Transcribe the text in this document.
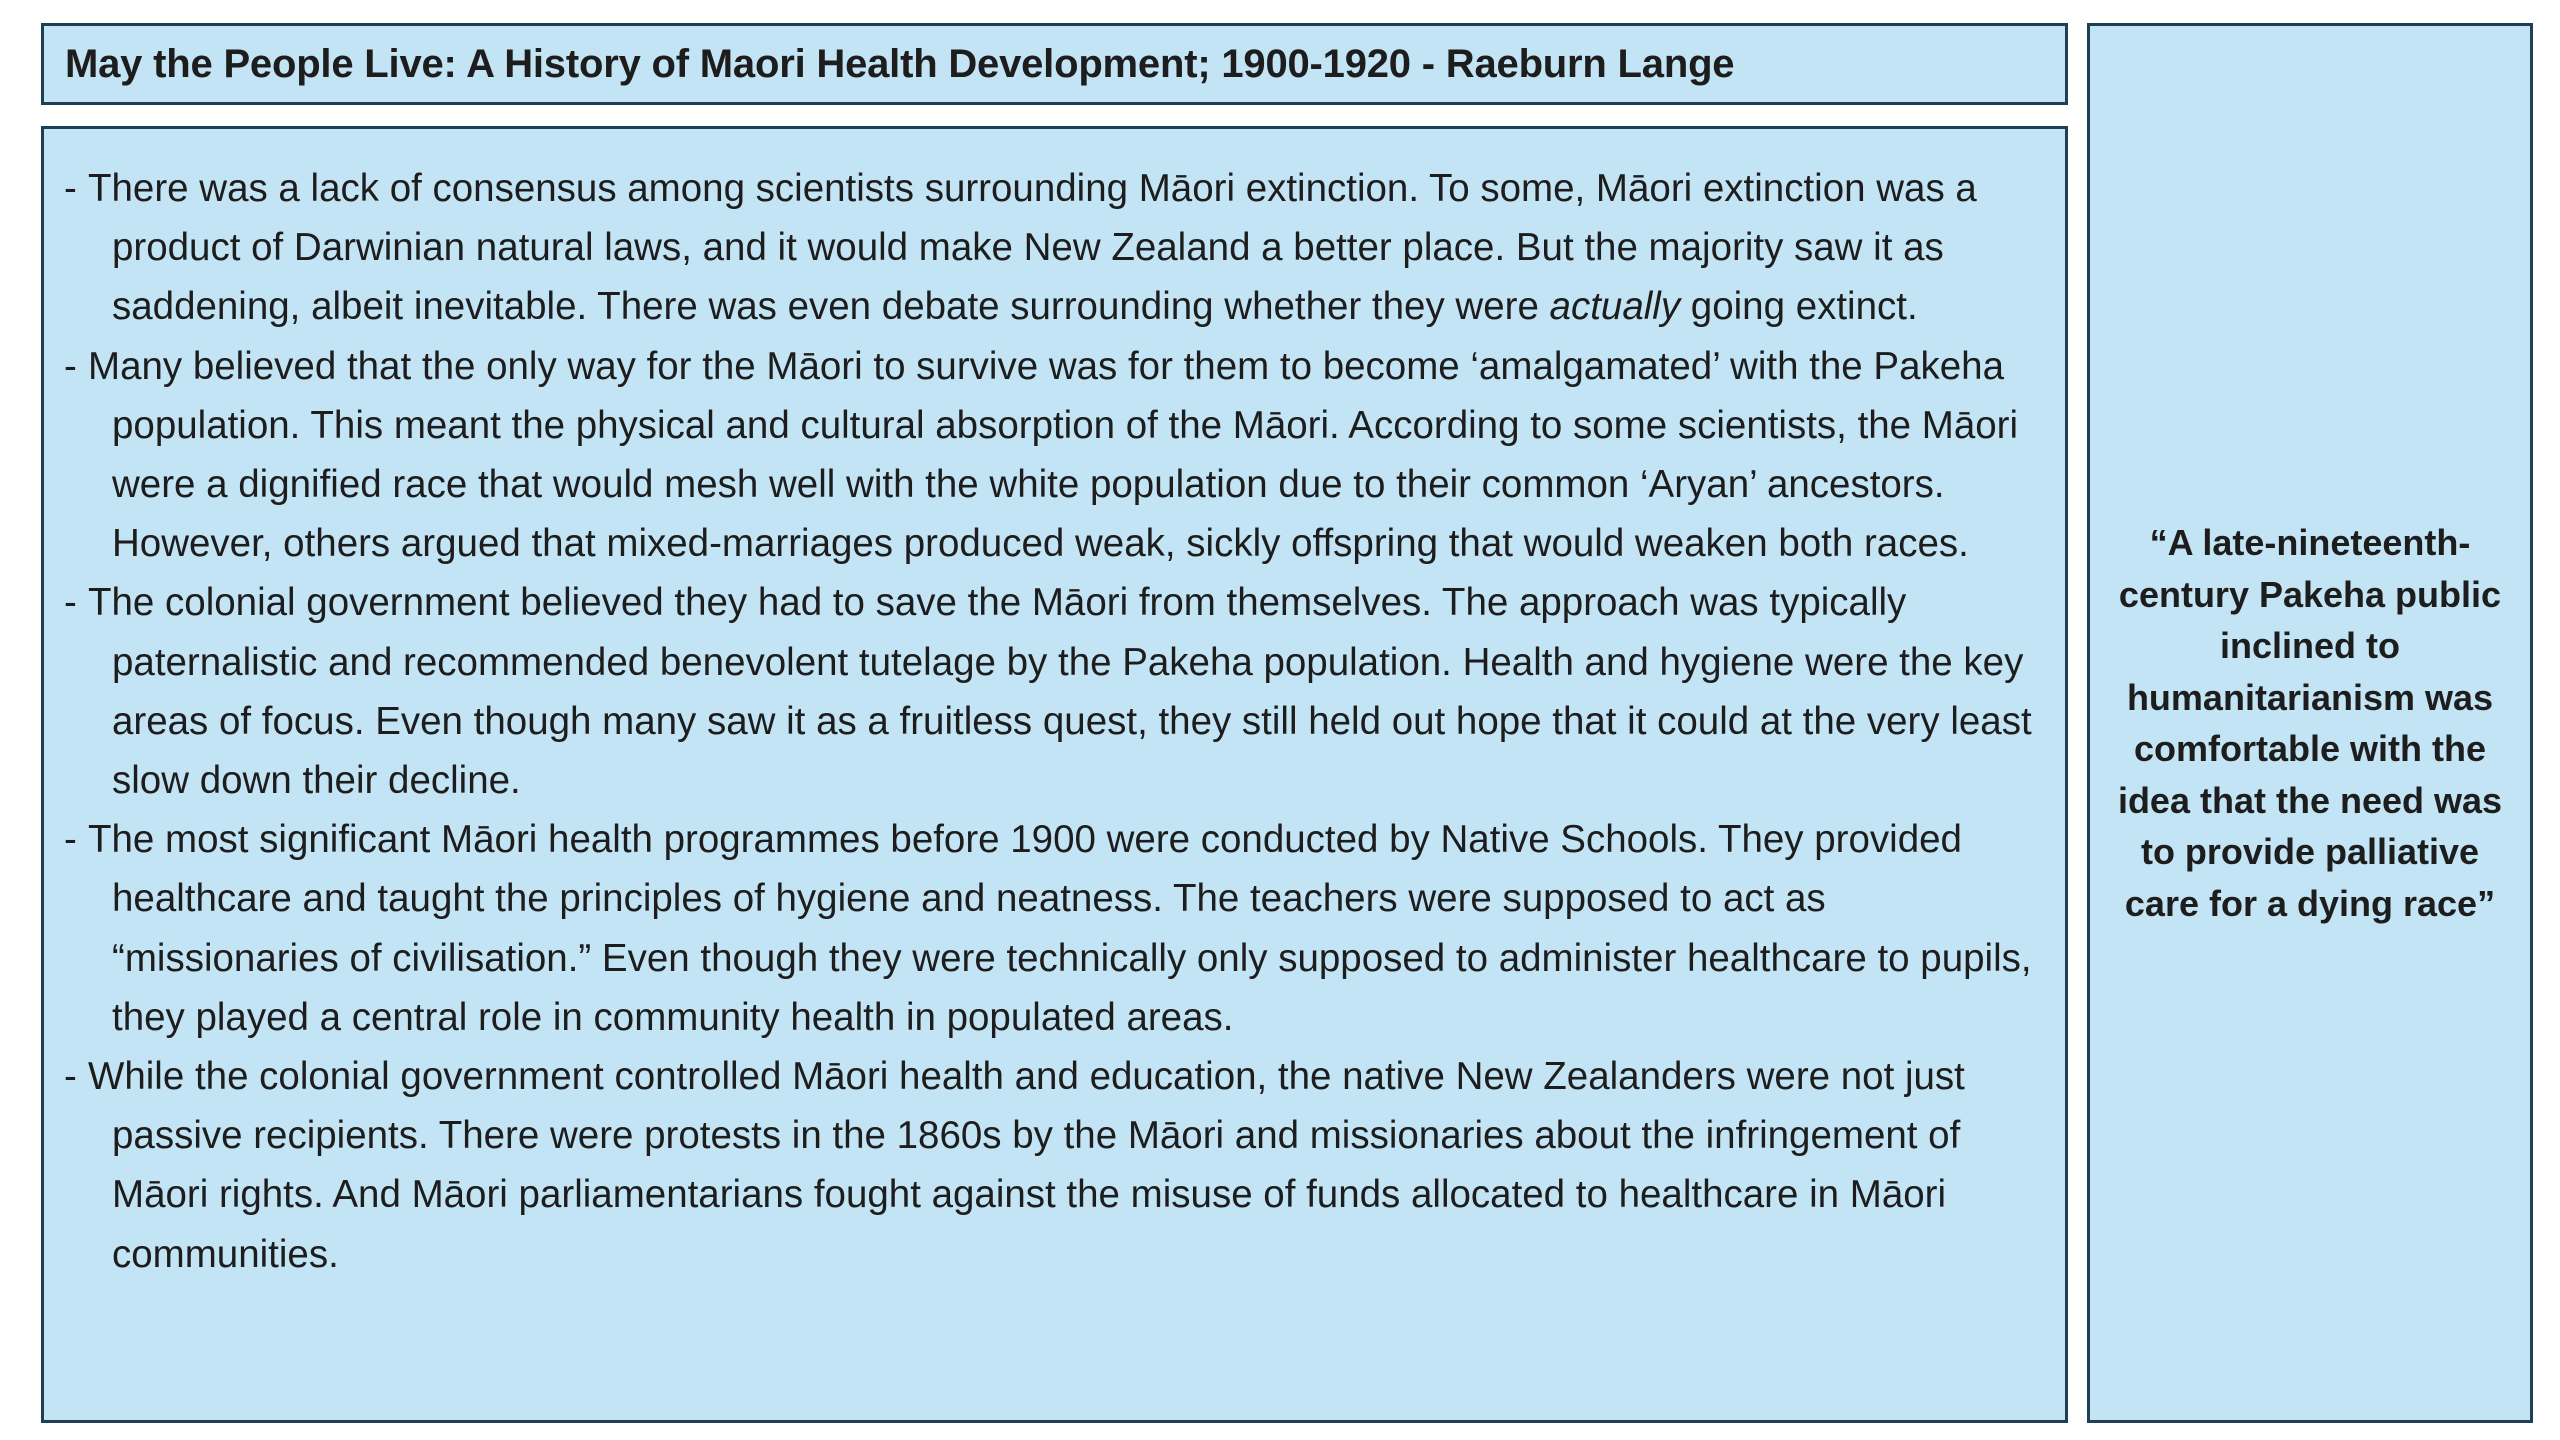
May the People Live: A History of Maori Health Development; 1900-1920 - Raeburn Lange
- There was a lack of consensus among scientists surrounding Māori extinction. To some, Māori extinction was a product of Darwinian natural laws, and it would make New Zealand a better place. But the majority saw it as saddening, albeit inevitable. There was even debate surrounding whether they were actually going extinct.
- Many believed that the only way for the Māori to survive was for them to become ‘amalgamated’ with the Pakeha population. This meant the physical and cultural absorption of the Māori. According to some scientists, the Māori were a dignified race that would mesh well with the white population due to their common ‘Aryan’ ancestors. However, others argued that mixed-marriages produced weak, sickly offspring that would weaken both races.
- The colonial government believed they had to save the Māori from themselves. The approach was typically paternalistic and recommended benevolent tutelage by the Pakeha population. Health and hygiene were the key areas of focus. Even though many saw it as a fruitless quest, they still held out hope that it could at the very least slow down their decline.
- The most significant Māori health programmes before 1900 were conducted by Native Schools. They provided healthcare and taught the principles of hygiene and neatness. The teachers were supposed to act as “missionaries of civilisation.” Even though they were technically only supposed to administer healthcare to pupils, they played a central role in community health in populated areas.
- While the colonial government controlled Māori health and education, the native New Zealanders were not just passive recipients. There were protests in the 1860s by the Māori and missionaries about the infringement of Māori rights. And Māori parliamentarians fought against the misuse of funds allocated to healthcare in Māori communities.
“A late-nineteenth-century Pakeha public inclined to humanitarianism was comfortable with the idea that the need was to provide palliative care for a dying race”
